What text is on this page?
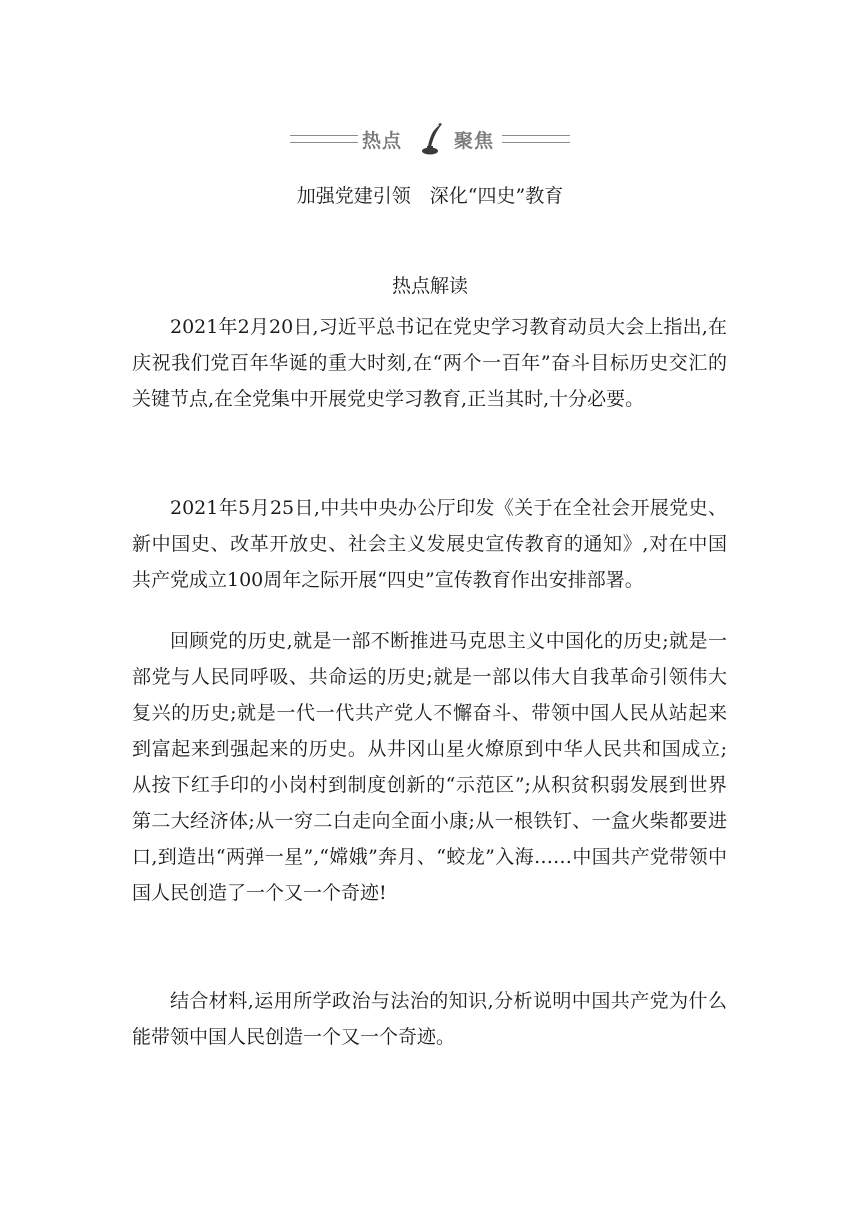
热点	聚焦
加强党建引领　深化“四史”教育
热点解读

2021年2月20日,习近平总书记在党史学习教育动员大会上指出,在庆祝我们党百年华诞的重大时刻,在“两个一百年”奋斗目标历史交汇的关键节点,在全党集中开展党史学习教育,正当其时,十分必要。

2021年5月25日,中共中央办公厅印发《关于在全社会开展党史、新中国史、改革开放史、社会主义发展史宣传教育的通知》,对在中国共产党成立100周年之际开展“四史”宣传教育作出安排部署。

回顾党的历史,就是一部不断推进马克思主义中国化的历史;就是一部党与人民同呼吸、共命运的历史;就是一部以伟大自我革命引领伟大复兴的历史;就是一代一代共产党人不懈奋斗、带领中国人民从站起来到富起来到强起来的历史。从井冈山星火燎原到中华人民共和国成立;从按下红手印的小岗村到制度创新的“示范区”;从积贫积弱发展到世界第二大经济体;从一穷二白走向全面小康;从一根铁钉、一盒火柴都要进口,到造出“两弹一星”,“嫦娥”奔月、“蛟龙”入海……中国共产党带领中国人民创造了一个又一个奇迹!

结合材料,运用所学政治与法治的知识,分析说明中国共产党为什么能带领中国人民创造一个又一个奇迹。
